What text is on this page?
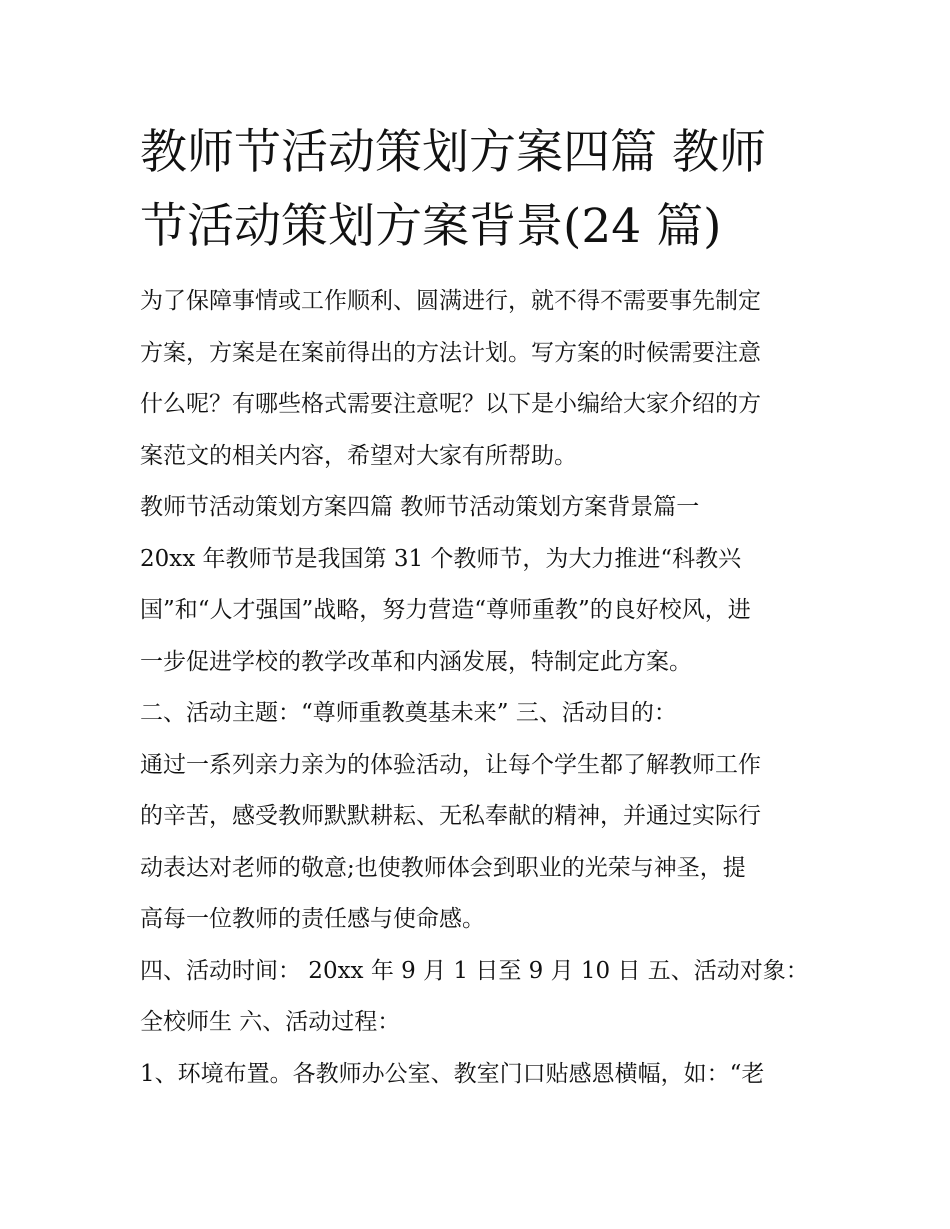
教师节活动策划方案四篇 教师
节活动策划方案背景(24 篇)
为了保障事情或工作顺利、圆满进行，就不得不需要事先制定
方案，方案是在案前得出的方法计划。写方案的时候需要注意
什么呢？有哪些格式需要注意呢？以下是小编给大家介绍的方
案范文的相关内容，希望对大家有所帮助。
教师节活动策划方案四篇 教师节活动策划方案背景篇一
20xx 年教师节是我国第 31 个教师节，为大力推进“科教兴
国”和“人才强国”战略，努力营造“尊师重教”的良好校风，进
一步促进学校的教学改革和内涵发展，特制定此方案。
二、活动主题：“尊师重教奠基未来” 三、活动目的：
通过一系列亲力亲为的体验活动，让每个学生都了解教师工作
的辛苦，感受教师默默耕耘、无私奉献的精神，并通过实际行
动表达对老师的敬意;也使教师体会到职业的光荣与神圣，提
高每一位教师的责任感与使命感。
四、活动时间： 20xx 年 9 月 1 日至 9 月 10 日 五、活动对象：
全校师生 六、活动过程：
1、环境布置。各教师办公室、教室门口贴感恩横幅，如：“老
